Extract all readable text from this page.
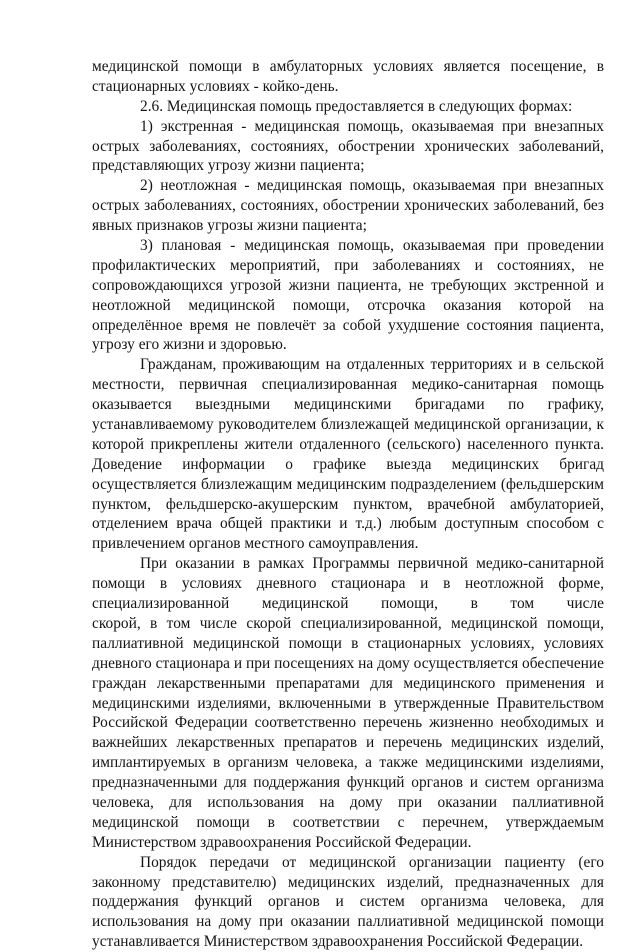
медицинской помощи в амбулаторных условиях является посещение, в
стационарных условиях - койко-день.
2.6. Медицинская помощь предоставляется в следующих формах:
1) экстренная - медицинская помощь, оказываемая при внезапных
острых заболеваниях, состояниях, обострении хронических заболеваний,
представляющих угрозу жизни пациента;
2) неотложная - медицинская помощь, оказываемая при внезапных
острых заболеваниях, состояниях, обострении хронических заболеваний, без
явных признаков угрозы жизни пациента;
3) плановая - медицинская помощь, оказываемая при проведении
профилактических мероприятий, при заболеваниях и состояниях, не
сопровождающихся угрозой жизни пациента, не требующих экстренной и
неотложной медицинской помощи, отсрочка оказания которой на
определённое время не повлечёт за собой ухудшение состояния пациента,
угрозу его жизни и здоровью.
Гражданам, проживающим на отдаленных территориях и в сельской
местности, первичная специализированная медико-санитарная помощь
оказывается выездными медицинскими бригадами по графику,
устанавливаемому руководителем близлежащей медицинской организации, к
которой прикреплены жители отдаленного (сельского) населенного пункта.
Доведение информации о графике выезда медицинских бригад
осуществляется близлежащим медицинским подразделением (фельдшерским
пунктом, фельдшерско-акушерским пунктом, врачебной амбулаторией,
отделением врача общей практики и т.д.) любым доступным способом с
привлечением органов местного самоуправления.
При оказании в рамках Программы первичной медико-санитарной
помощи в условиях дневного стационара и в неотложной форме,
специализированной медицинской помощи, в том числе
скорой, в том числе скорой специализированной, медицинской помощи,
паллиативной медицинской помощи в стационарных условиях, условиях
дневного стационара и при посещениях на дому осуществляется обеспечение
граждан лекарственными препаратами для медицинского применения и
медицинскими изделиями, включенными в утвержденные Правительством
Российской Федерации соответственно перечень жизненно необходимых и
важнейших лекарственных препаратов и перечень медицинских изделий,
имплантируемых в организм человека, а также медицинскими изделиями,
предназначенными для поддержания функций органов и систем организма
человека, для использования на дому при оказании паллиативной
медицинской помощи в соответствии с перечнем, утверждаемым
Министерством здравоохранения Российской Федерации.
Порядок передачи от медицинской организации пациенту (его
законному представителю) медицинских изделий, предназначенных для
поддержания функций органов и систем организма человека, для
использования на дому при оказании паллиативной медицинской помощи
устанавливается Министерством здравоохранения Российской Федерации.
